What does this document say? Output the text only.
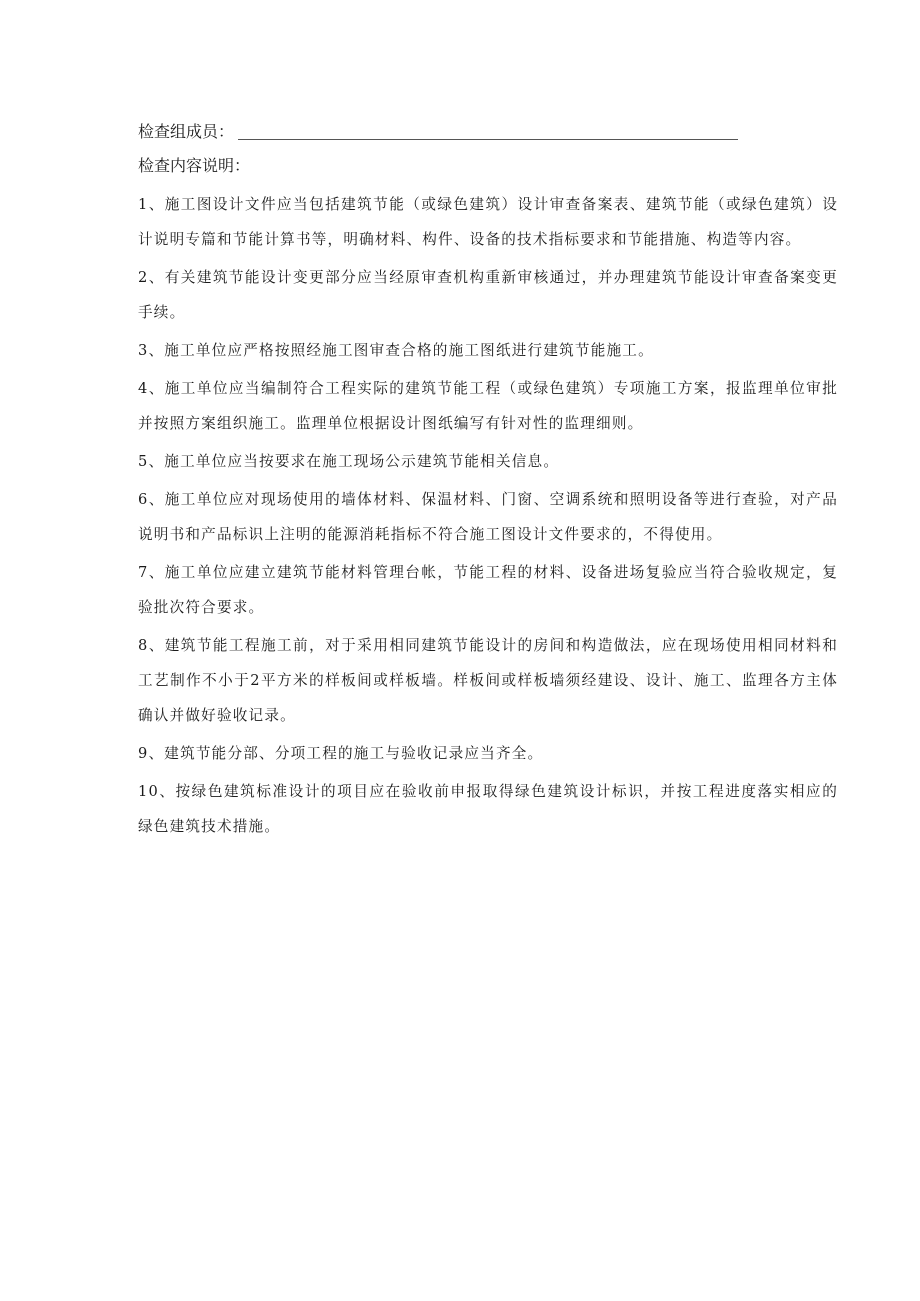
检查组成员：
检查内容说明：
1、施工图设计文件应当包括建筑节能（或绿色建筑）设计审查备案表、建筑节能（或绿色建筑）设计说明专篇和节能计算书等，明确材料、构件、设备的技术指标要求和节能措施、构造等内容。
2、有关建筑节能设计变更部分应当经原审查机构重新审核通过，并办理建筑节能设计审查备案变更手续。
3、施工单位应严格按照经施工图审查合格的施工图纸进行建筑节能施工。
4、施工单位应当编制符合工程实际的建筑节能工程（或绿色建筑）专项施工方案，报监理单位审批并按照方案组织施工。监理单位根据设计图纸编写有针对性的监理细则。
5、施工单位应当按要求在施工现场公示建筑节能相关信息。
6、施工单位应对现场使用的墙体材料、保温材料、门窗、空调系统和照明设备等进行查验，对产品说明书和产品标识上注明的能源消耗指标不符合施工图设计文件要求的，不得使用。
7、施工单位应建立建筑节能材料管理台帐，节能工程的材料、设备进场复验应当符合验收规定，复验批次符合要求。
8、建筑节能工程施工前，对于采用相同建筑节能设计的房间和构造做法，应在现场使用相同材料和工艺制作不小于2平方米的样板间或样板墙。样板间或样板墙须经建设、设计、施工、监理各方主体确认并做好验收记录。
9、建筑节能分部、分项工程的施工与验收记录应当齐全。
10、按绿色建筑标准设计的项目应在验收前申报取得绿色建筑设计标识，并按工程进度落实相应的绿色建筑技术措施。
